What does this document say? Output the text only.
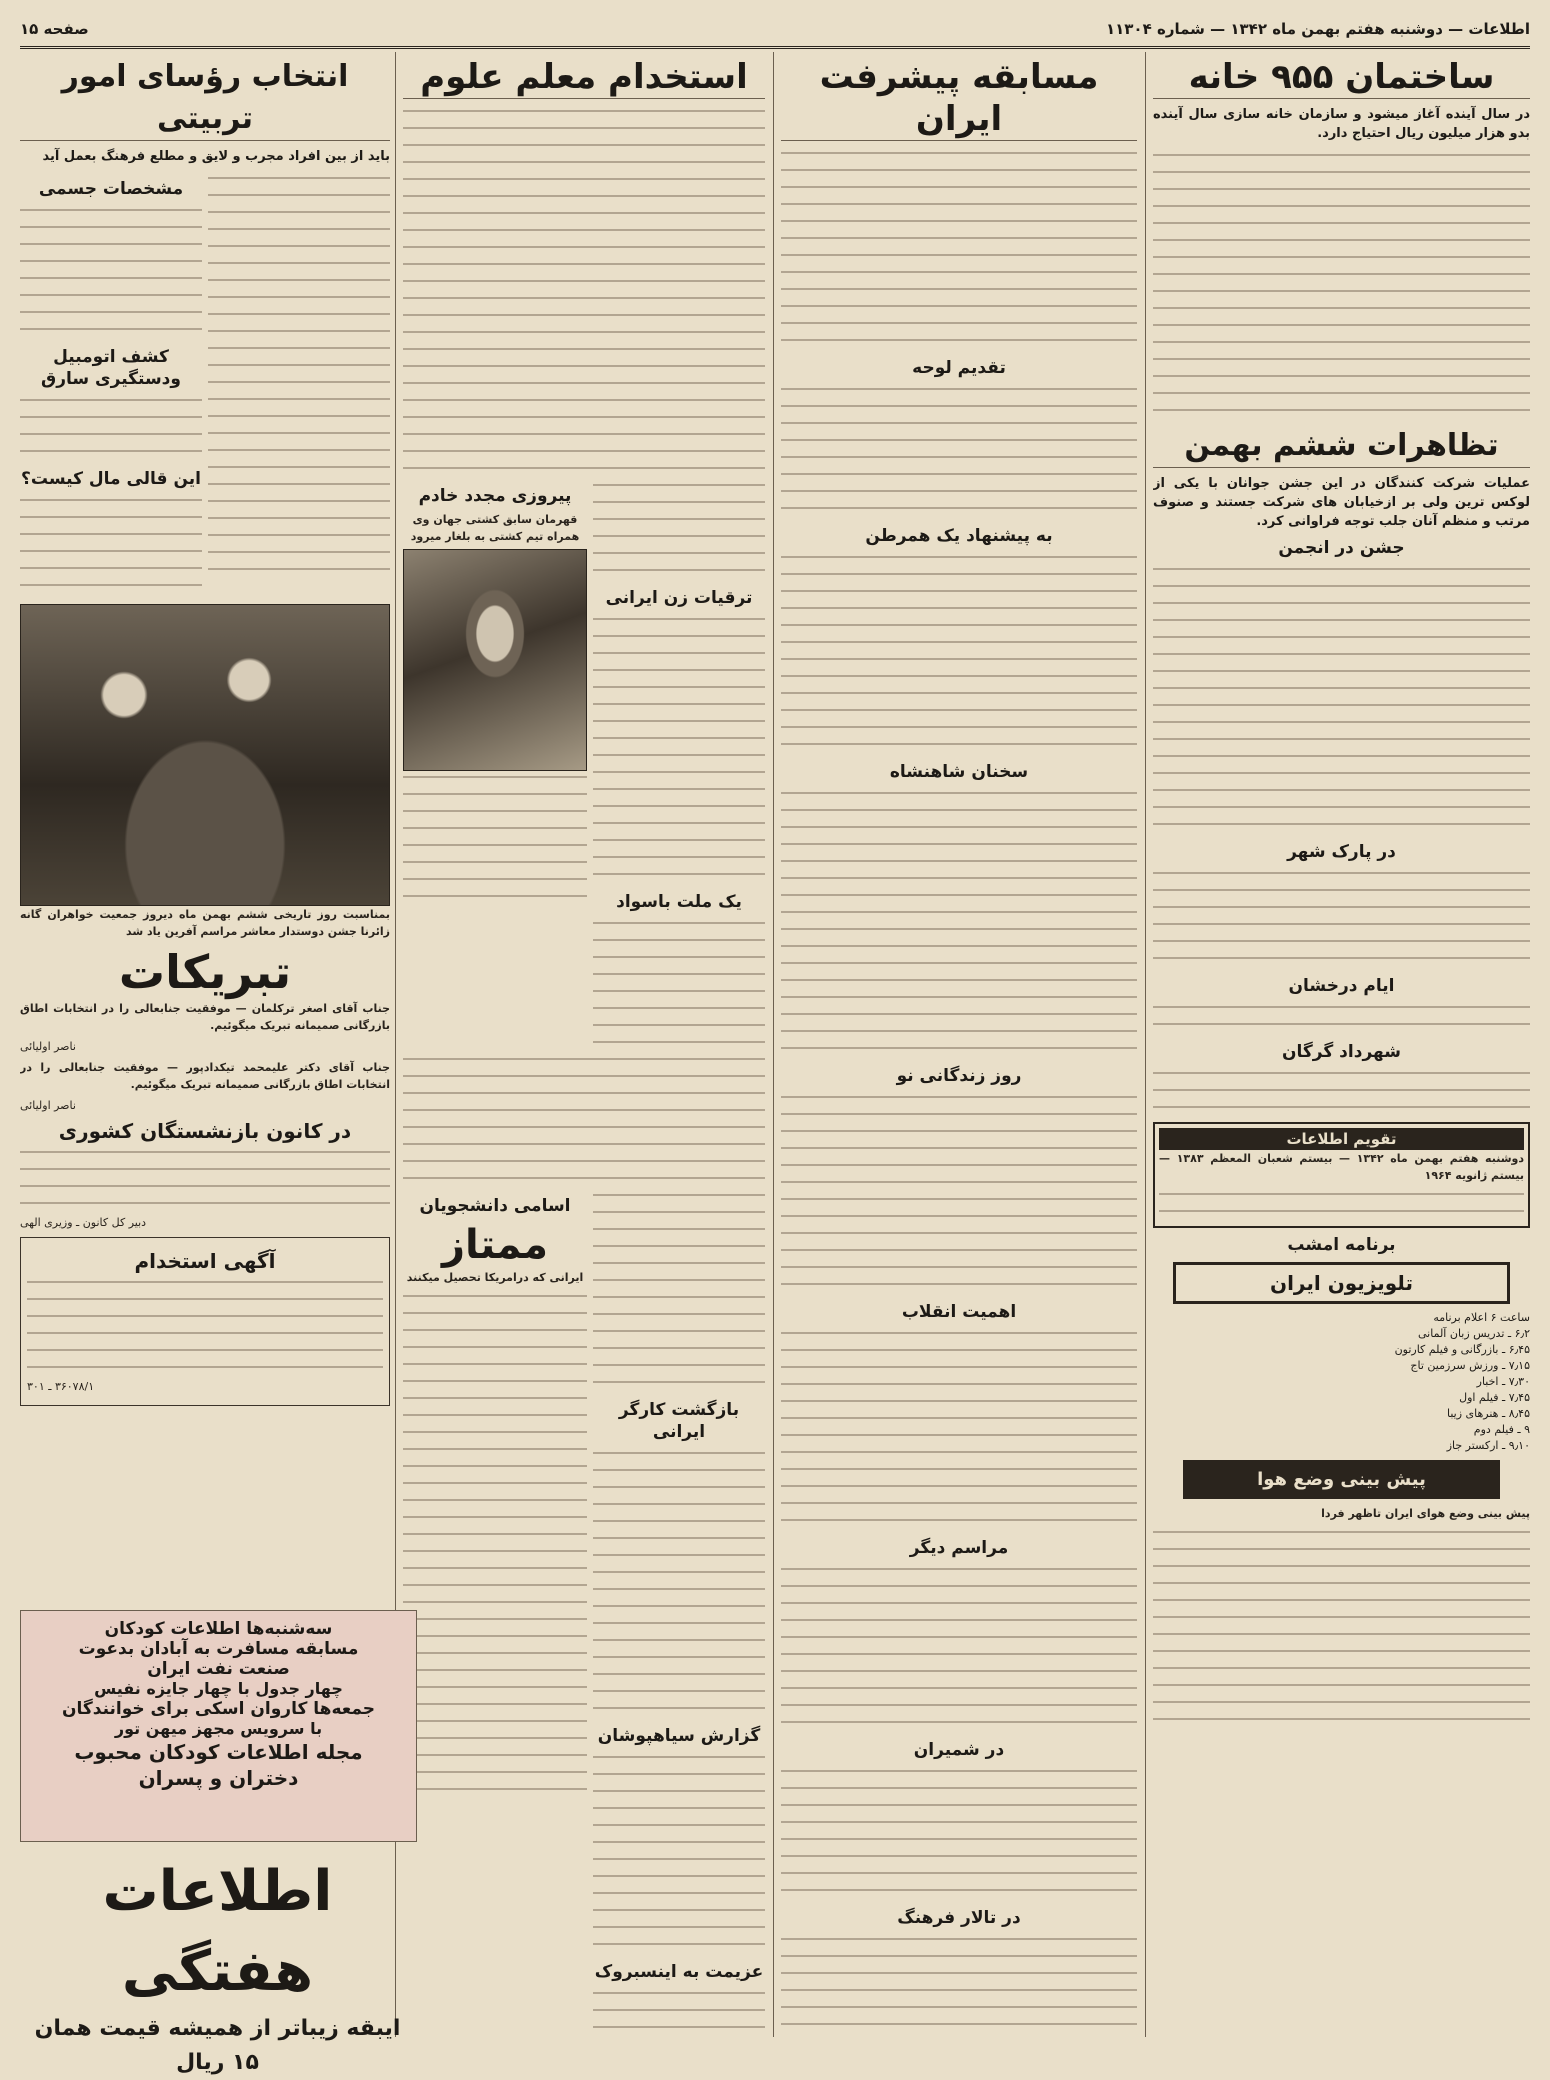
اطلاعات — دوشنبه هفتم بهمن ماه ۱۳۴۲ — شماره ۱۱۳۰۴
صفحه ۱۵
ساختمان ۹۵۵ خانه

در سال آینده آغاز میشود و سازمان خانه سازی سال آینده بدو هزار میلیون ریال احتیاج دارد.

تظاهرات ششم بهمن

عملیات شرکت کنندگان در این جشن جوانان با یکی از لوکس ترین ولی بر ازخیابان های شرکت جستند و صنوف مرتب و منظم آنان جلب توجه فراوانی کرد.

جشن در انجمن
در پارک شهر
ایام درخشان
شهرداد گرگان
تقویم اطلاعات

دوشنبه هفتم بهمن ماه ۱۳۴۲ — بیستم شعبان المعظم ۱۳۸۳ — بیستم ژانویه ۱۹۶۴

برنامه امشب
تلویزیون ایران
ساعت ۶ اعلام برنامه
۶٫۲ ـ تدریس زبان آلمانی
۶٫۴۵ ـ بازرگانی و فیلم کارتون
۷٫۱۵ ـ ورزش سرزمین تاج
۷٫۳۰ ـ اخبار
۷٫۴۵ ـ فیلم اول
۸٫۴۵ ـ هنرهای زیبا
۹ ـ فیلم دوم
۹٫۱۰ ـ ارکستر جاز
پیش بینی وضع هوا

پیش بینی وضع هوای ایران تاظهر فردا

مسابقه پیشرفت ایران
تقدیم لوحه
به پیشنهاد یک همرطن
سخنان شاهنشاه
روز زندگانی نو
اهمیت انقلاب
مراسم دیگر
در شمیران
در تالار فرهنگ
استخدام معلم علوم
ترقیات زن ایرانی
یک ملت باسواد
پیروزی مجدد خادم

قهرمان سابق کشتی جهان وی همراه تیم کشتی به بلغار میرود

بازگشت کارگر ایرانی
گزارش سیاهپوشان
عزیمت به اینسبروک
اسامی دانشجویان
ممتاز

ایرانی که درامریکا تحصیل میکنند

انتخاب رؤسای امور تربیتی

باید از بین افراد مجرب و لایق و مطلع فرهنگ بعمل آید

مشخصات جسمی
کشف اتومبیل ودستگیری سارق
این قالی مال کیست؟

بمناسبت روز تاریخی ششم بهمن ماه دیروز جمعیت خواهران گانه زائرنا جشن دوستدار معاشر مراسم آفرین یاد شد

تبریکات

جناب آقای اصغر ترکلمان — موفقیت جنابعالی را در انتخابات اطاق بازرگانی صمیمانه تبریک میگوئیم.

ناصر اولیائی

جناب آقای دکتر علیمحمد تیکدادپور — موفقیت جنابعالی را در انتخابات اطاق بازرگانی صمیمانه تبریک میگوئیم.

ناصر اولیائی

در کانون بازنشستگان کشوری

دبیر کل کانون ـ وزیری الهی

آگهی استخدام

۳۶۰۷۸/۱ ـ ۳۰۱

سه‌شنبه‌ها اطلاعات کودکان
مسابقه مسافرت به آبادان بدعوت
صنعت نفت ایران
چهار جدول با چهار جایزه نفیس
جمعه‌ها کاروان اسکی برای خوانندگان
با سرویس مجهز میهن تور
مجله اطلاعات کودکان محبوب
دختران و پسران
اطلاعات هفتگی
ایبقه زیباتر از همیشه قیمت همان ۱۵ ریال
